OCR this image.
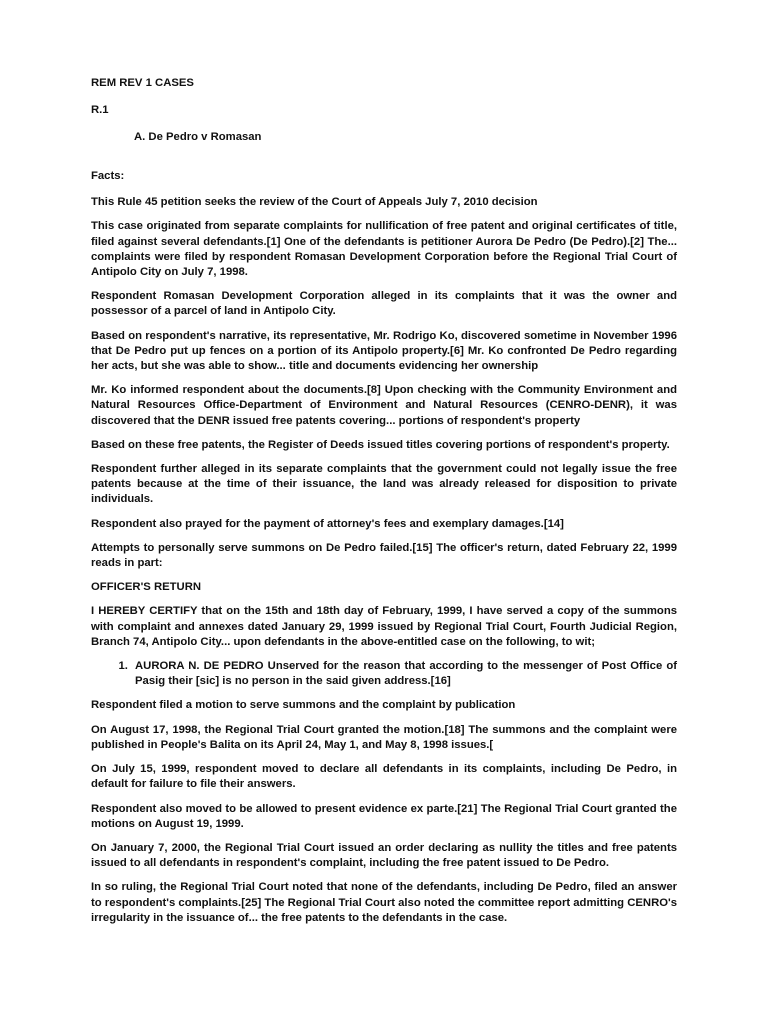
REM REV 1 CASES
R.1
A. De Pedro v Romasan
Facts:

This Rule 45 petition seeks the review of the Court of Appeals July 7, 2010 decision

This case originated from separate complaints for nullification of free patent and original certificates of title, filed against several defendants.[1] One of the defendants is petitioner Aurora De Pedro (De Pedro).[2] The... complaints were filed by respondent Romasan Development Corporation before the Regional Trial Court of Antipolo City on July 7, 1998.

Respondent Romasan Development Corporation alleged in its complaints that it was the owner and possessor of a parcel of land in Antipolo City.

Based on respondent's narrative, its representative, Mr. Rodrigo Ko, discovered sometime in November 1996 that De Pedro put up fences on a portion of its Antipolo property.[6] Mr. Ko confronted De Pedro regarding her acts, but she was able to show... title and documents evidencing her ownership

Mr. Ko informed respondent about the documents.[8] Upon checking with the Community Environment and Natural Resources Office-Department of Environment and Natural Resources (CENRO-DENR), it was discovered that the DENR issued free patents covering... portions of respondent's property

Based on these free patents, the Register of Deeds issued titles covering portions of respondent's property.

Respondent further alleged in its separate complaints that the government could not legally issue the free patents because at the time of their issuance, the land was already released for disposition to private individuals.

Respondent also prayed for the payment of attorney's fees and exemplary damages.[14]

Attempts to personally serve summons on De Pedro failed.[15] The officer's return, dated February 22, 1999 reads in part:

OFFICER'S RETURN

I HEREBY CERTIFY that on the 15th and 18th day of February, 1999, I have served a copy of the summons with complaint and annexes dated January 29, 1999 issued by Regional Trial Court, Fourth Judicial Region, Branch 74, Antipolo City... upon defendants in the above-entitled case on the following, to wit;

1. AURORA N. DE PEDRO Unserved for the reason that according to the messenger of Post Office of Pasig their [sic] is no person in the said given address.[16]

Respondent filed a motion to serve summons and the complaint by publication

On August 17, 1998, the Regional Trial Court granted the motion.[18] The summons and the complaint were published in People's Balita on its April 24, May 1, and May 8, 1998 issues.[

On July 15, 1999, respondent moved to declare all defendants in its complaints, including De Pedro, in default for failure to file their answers.

Respondent also moved to be allowed to present evidence ex parte.[21] The Regional Trial Court granted the motions on August 19, 1999.

On January 7, 2000, the Regional Trial Court issued an order declaring as nullity the titles and free patents issued to all defendants in respondent's complaint, including the free patent issued to De Pedro.

In so ruling, the Regional Trial Court noted that none of the defendants, including De Pedro, filed an answer to respondent's complaints.[25] The Regional Trial Court also noted the committee report admitting CENRO's irregularity in the issuance of... the free patents to the defendants in the case.
